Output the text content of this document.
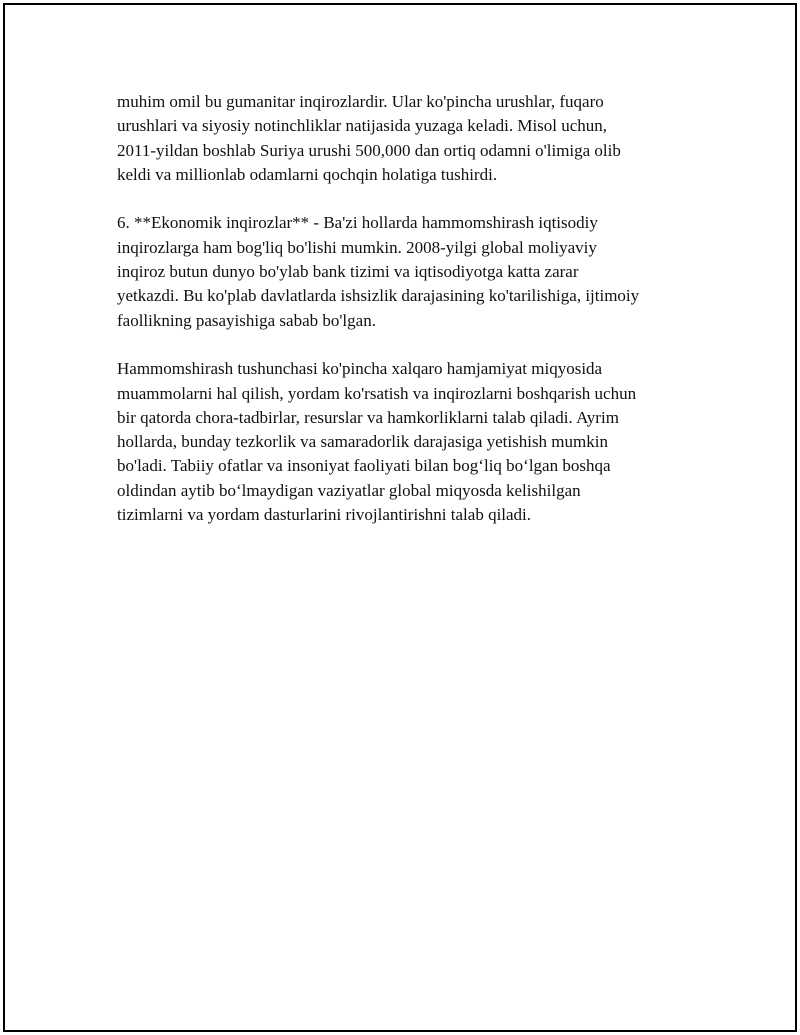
muhim omil bu gumanitar inqirozlardir. Ular ko'pincha urushlar, fuqaro
urushlari va siyosiy notinchliklar natijasida yuzaga keladi. Misol uchun,
2011-yildan boshlab Suriya urushi 500,000 dan ortiq odamni o'limiga olib
keldi va millionlab odamlarni qochqin holatiga tushirdi.

6. **Ekonomik inqirozlar** - Ba'zi hollarda hammomshirash iqtisodiy
inqirozlarga ham bog'liq bo'lishi mumkin. 2008-yilgi global moliyaviy
inqiroz butun dunyo bo'ylab bank tizimi va iqtisodiyotga katta zarar
yetkazdi. Bu ko'plab davlatlarda ishsizlik darajasining ko'tarilishiga, ijtimoiy
faollikning pasayishiga sabab bo'lgan.

Hammomshirash tushunchasi ko'pincha xalqaro hamjamiyat miqyosida
muammolarni hal qilish, yordam ko'rsatish va inqirozlarni boshqarish uchun
bir qatorda chora-tadbirlar, resurslar va hamkorliklarni talab qiladi. Ayrim
hollarda, bunday tezkorlik va samaradorlik darajasiga yetishish mumkin
bo'ladi. Tabiiy ofatlar va insoniyat faoliyati bilan bog‘liq bo‘lgan boshqa
oldindan aytib bo‘lmaydigan vaziyatlar global miqyosda kelishilgan
tizimlarni va yordam dasturlarini rivojlantirishni talab qiladi.
